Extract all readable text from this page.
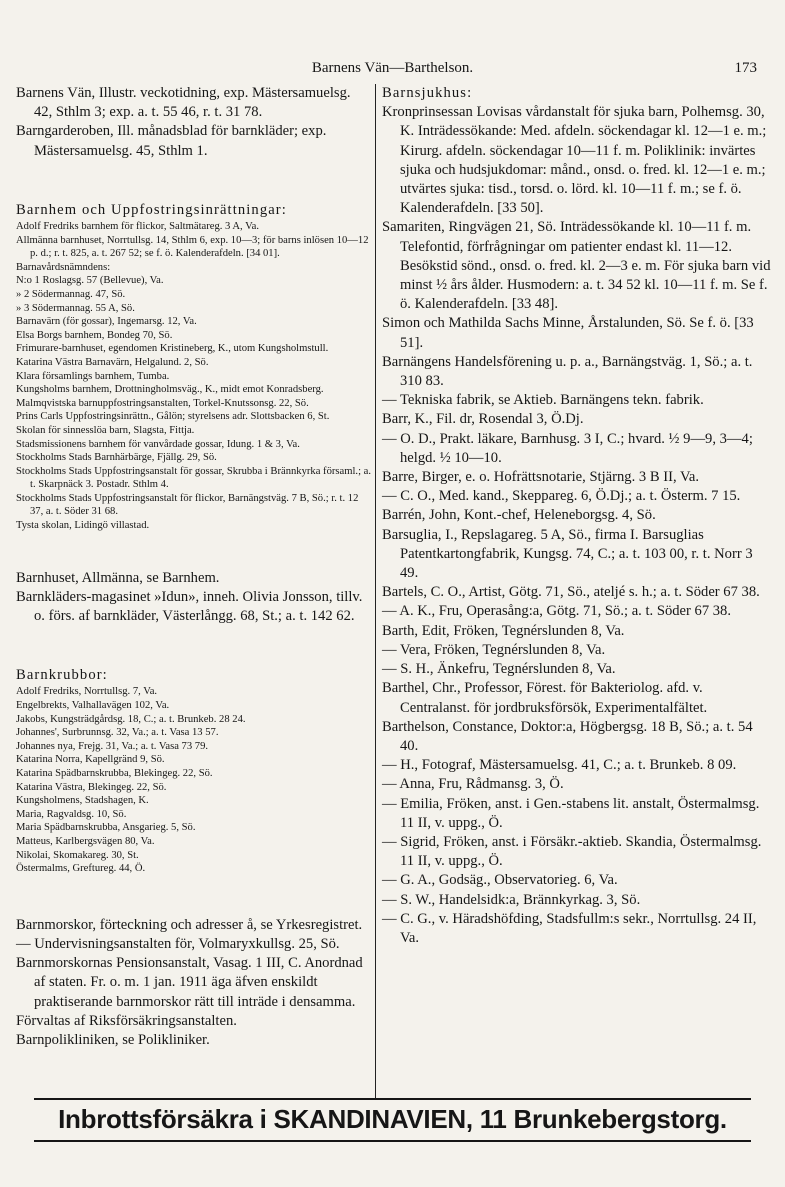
Barnens Vän—Barthelson.	173

Barnens Vän, Illustr. veckotidning, exp. Mästersamuelsg. 42, Sthlm 3; exp. a. t. 55 46, r. t. 31 78.

Barngarderoben, Ill. månadsblad för barnkläder; exp. Mästersamuelsg. 45, Sthlm 1.

Barnhem och Uppfostringsinrättningar:

Adolf Fredriks barnhem för flickor, Saltmätareg. 3 A, Va.

Allmänna barnhuset, Norrtullsg. 14, Sthlm 6, exp. 10—3; för barns inlösen 10—12 p. d.; r. t. 825, a. t. 267 52; se f. ö. Kalenderafdeln. [34 01].

Barnavårdsnämndens:

N:o 1 Roslagsg. 57 (Bellevue), Va.

» 2 Södermannag. 47, Sö.

» 3 Södermannag. 55 A, Sö.

Barnavärn (för gossar), Ingemarsg. 12, Va.

Elsa Borgs barnhem, Bondeg 70, Sö.

Frimurare-barnhuset, egendomen Kristineberg, K., utom Kungsholmstull.

Katarina Västra Barnavärn, Helgalund. 2, Sö.

Klara församlings barnhem, Tumba.

Kungsholms barnhem, Drottningholmsväg., K., midt emot Konradsberg.

Malmqvistska barnuppfostringsanstalten, Torkel-Knutssonsg. 22, Sö.

Prins Carls Uppfostringsinrättn., Gålön; styrelsens adr. Slottsbacken 6, St.

Skolan för sinnesslöa barn, Slagsta, Fittja.

Stadsmissionens barnhem för vanvårdade gossar, Idung. 1 & 3, Va.

Stockholms Stads Barnhärbärge, Fjällg. 29, Sö.

Stockholms Stads Uppfostringsanstalt för gossar, Skrubba i Brännkyrka församl.; a. t. Skarpnäck 3. Postadr. Sthlm 4.

Stockholms Stads Uppfostringsanstalt för flickor, Barnängstväg. 7 B, Sö.; r. t. 12 37, a. t. Söder 31 68.

Tysta skolan, Lidingö villastad.

Barnhuset, Allmänna, se Barnhem.

Barnkläders-magasinet »Idun», inneh. Olivia Jonsson, tillv. o. förs. af barnkläder, Västerlångg. 68, St.; a. t. 142 62.

Barnkrubbor:

Adolf Fredriks, Norrtullsg. 7, Va.

Engelbrekts, Valhallavägen 102, Va.

Jakobs, Kungsträdgårdsg. 18, C.; a. t. Brunkeb. 28 24.

Johannes', Surbrunnsg. 32, Va.; a. t. Vasa 13 57.

Johannes nya, Frejg. 31, Va.; a. t. Vasa 73 79.

Katarina Norra, Kapellgränd 9, Sö.

Katarina Spädbarnskrubba, Blekingeg. 22, Sö.

Katarina Västra, Blekingeg. 22, Sö.

Kungsholmens, Stadshagen, K.

Maria, Ragvaldsg. 10, Sö.

Maria Spädbarnskrubba, Ansgarieg. 5, Sö.

Matteus, Karlbergsvägen 80, Va.

Nikolai, Skomakareg. 30, St.

Östermalms, Greftureg. 44, Ö.

Barnmorskor, förteckning och adresser å, se Yrkesregistret.

— Undervisningsanstalten för, Volmaryxkullsg. 25, Sö.

Barnmorskornas Pensionsanstalt, Vasag. 1 III, C. Anordnad af staten. Fr. o. m. 1 jan. 1911 äga äfven enskildt praktiserande barnmorskor rätt till inträde i densamma.

Förvaltas af Riksförsäkringsanstalten.

Barnpolikliniken, se Polikliniker.

Barnsjukhus:

Kronprinsessan Lovisas vårdanstalt för sjuka barn, Polhemsg. 30, K. Inträdessökande: Med. afdeln. söckendagar kl. 12—1 e. m.; Kirurg. afdeln. söckendagar 10—11 f. m. Poliklinik: invärtes sjuka och hudsjukdomar: månd., onsd. o. fred. kl. 12—1 e. m.; utvärtes sjuka: tisd., torsd. o. lörd. kl. 10—11 f. m.; se f. ö. Kalenderafdeln. [33 50].

Samariten, Ringvägen 21, Sö. Inträdessökande kl. 10—11 f. m. Telefontid, förfrågningar om patienter endast kl. 11—12. Besökstid sönd., onsd. o. fred. kl. 2—3 e. m. För sjuka barn vid minst ½ års ålder. Husmodern: a. t. 34 52 kl. 10—11 f. m. Se f. ö. Kalenderafdeln. [33 48].

Simon och Mathilda Sachs Minne, Årstalunden, Sö. Se f. ö. [33 51].

Barnängens Handelsförening u. p. a., Barnängstväg. 1, Sö.; a. t. 310 83.

— Tekniska fabrik, se Aktieb. Barnängens tekn. fabrik.

Barr, K., Fil. dr, Rosendal 3, Ö.Dj.

— O. D., Prakt. läkare, Barnhusg. 3 I, C.; hvard. ½ 9—9, 3—4; helgd. ½ 10—10.

Barre, Birger, e. o. Hofrättsnotarie, Stjärng. 3 B II, Va.

— C. O., Med. kand., Skeppareg. 6, Ö.Dj.; a. t. Österm. 7 15.

Barrén, John, Kont.-chef, Heleneborgsg. 4, Sö.

Barsuglia, I., Repslagareg. 5 A, Sö., firma I. Barsuglias Patentkartongfabrik, Kungsg. 74, C.; a. t. 103 00, r. t. Norr 3 49.

Bartels, C. O., Artist, Götg. 71, Sö., ateljé s. h.; a. t. Söder 67 38.

— A. K., Fru, Operasång:a, Götg. 71, Sö.; a. t. Söder 67 38.

Barth, Edit, Fröken, Tegnérslunden 8, Va.

— Vera, Fröken, Tegnérslunden 8, Va.

— S. H., Änkefru, Tegnérslunden 8, Va.

Barthel, Chr., Professor, Förest. för Bakteriolog. afd. v. Centralanst. för jordbruksförsök, Experimentalfältet.

Barthelson, Constance, Doktor:a, Högbergsg. 18 B, Sö.; a. t. 54 40.

— H., Fotograf, Mästersamuelsg. 41, C.; a. t. Brunkeb. 8 09.

— Anna, Fru, Rådmansg. 3, Ö.

— Emilia, Fröken, anst. i Gen.-stabens lit. anstalt, Östermalmsg. 11 II, v. uppg., Ö.

— Sigrid, Fröken, anst. i Försäkr.-aktieb. Skandia, Östermalmsg. 11 II, v. uppg., Ö.

— G. A., Godsäg., Observatorieg. 6, Va.

— S. W., Handelsidk:a, Brännkyrkag. 3, Sö.

— C. G., v. Häradshöfding, Stadsfullm:s sekr., Norrtullsg. 24 II, Va.

Inbrottsförsäkra i SKANDINAVIEN, 11 Brunkebergstorg.
